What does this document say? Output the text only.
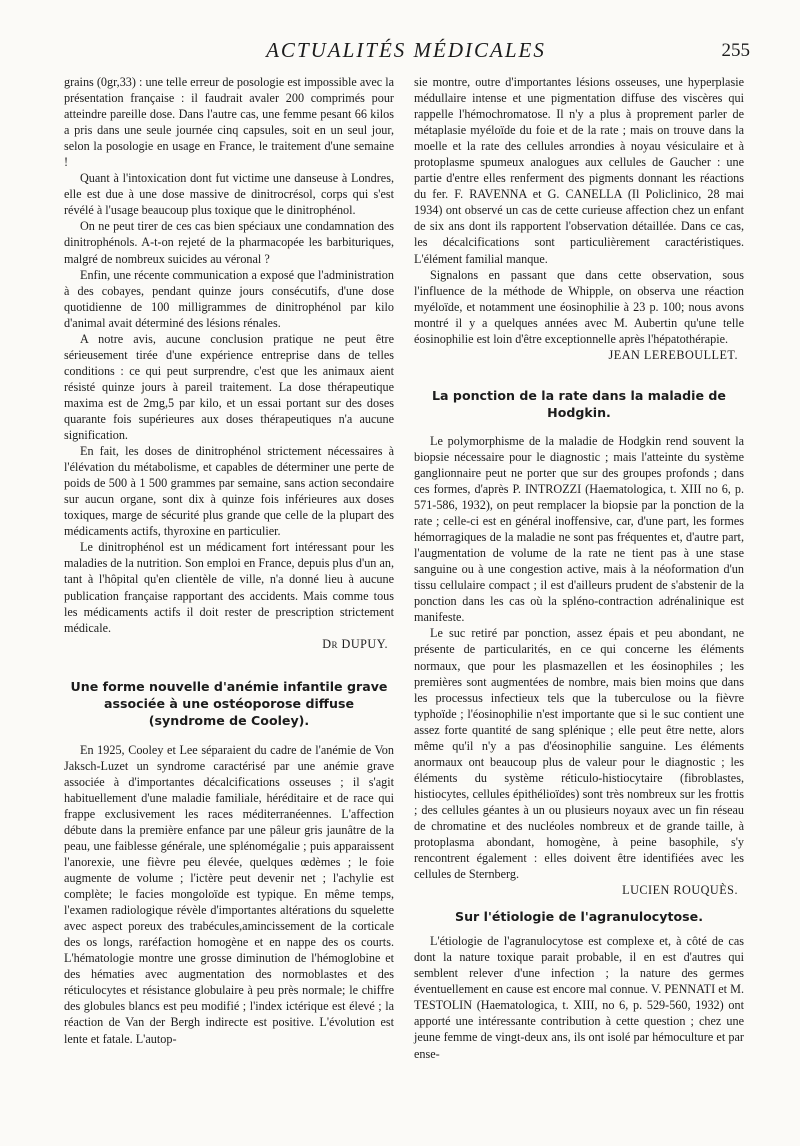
ACTUALITÉS MÉDICALES	255

grains (0gr,33) : une telle erreur de posologie est impossible avec la présentation française : il faudrait avaler 200 comprimés pour atteindre pareille dose. Dans l'autre cas, une femme pesant 66 kilos a pris dans une seule journée cinq capsules, soit en un seul jour, selon la posologie en usage en France, le traitement d'une semaine !

Quant à l'intoxication dont fut victime une danseuse à Londres, elle est due à une dose massive de dinitrocrésol, corps qui s'est révélé à l'usage beaucoup plus toxique que le dinitrophénol.

On ne peut tirer de ces cas bien spéciaux une condamnation des dinitrophénols. A-t-on rejeté de la pharmacopée les barbituriques, malgré de nombreux suicides au véronal ?

Enfin, une récente communication a exposé que l'administration à des cobayes, pendant quinze jours consécutifs, d'une dose quotidienne de 100 milligrammes de dinitrophénol par kilo d'animal avait déterminé des lésions rénales.

A notre avis, aucune conclusion pratique ne peut être sérieusement tirée d'une expérience entreprise dans de telles conditions : ce qui peut surprendre, c'est que les animaux aient résisté quinze jours à pareil traitement. La dose thérapeutique maxima est de 2mg,5 par kilo, et un essai portant sur des doses quarante fois supérieures aux doses thérapeutiques n'a aucune signification.

En fait, les doses de dinitrophénol strictement nécessaires à l'élévation du métabolisme, et capables de déterminer une perte de poids de 500 à 1 500 grammes par semaine, sans action secondaire sur aucun organe, sont dix à quinze fois inférieures aux doses toxiques, marge de sécurité plus grande que celle de la plupart des médicaments actifs, thyroxine en particulier.

Le dinitrophénol est un médicament fort intéressant pour les maladies de la nutrition. Son emploi en France, depuis plus d'un an, tant à l'hôpital qu'en clientèle de ville, n'a donné lieu à aucune publication française rapportant des accidents. Mais comme tous les médicaments actifs il doit rester de prescription strictement médicale.

Dr DUPUY.
Une forme nouvelle d'anémie infantile grave associée à une ostéoporose diffuse (syndrome de Cooley).

En 1925, Cooley et Lee séparaient du cadre de l'anémie de Von Jaksch-Luzet un syndrome caractérisé par une anémie grave associée à d'importantes décalcifications osseuses ; il s'agit habituellement d'une maladie familiale, héréditaire et de race qui frappe exclusivement les races méditerranéennes. L'affection débute dans la première enfance par une pâleur gris jaunâtre de la peau, une faiblesse générale, une splénomégalie ; puis apparaissent l'anorexie, une fièvre peu élevée, quelques œdèmes ; le foie augmente de volume ; l'ictère peut devenir net ; l'achylie est complète; le facies mongoloïde est typique. En même temps, l'examen radiologique révèle d'importantes altérations du squelette avec aspect poreux des trabécules,amincissement de la corticale des os longs, raréfaction homogène et en nappe des os courts. L'hématologie montre une grosse diminution de l'hémoglobine et des hématies avec augmentation des normoblastes et des réticulocytes et résistance globulaire à peu près normale; le chiffre des globules blancs est peu modifié ; l'index ictérique est élevé ; la réaction de Van der Bergh indirecte est positive. L'évolution est lente et fatale. L'autop-

sie montre, outre d'importantes lésions osseuses, une hyperplasie médullaire intense et une pigmentation diffuse des viscères qui rappelle l'hémochromatose. Il n'y a plus à proprement parler de métaplasie myéloïde du foie et de la rate ; mais on trouve dans la moelle et la rate des cellules arrondies à noyau vésiculaire et à protoplasme spumeux analogues aux cellules de Gaucher : une partie d'entre elles renferment des pigments donnant les réactions du fer. F. RAVENNA et G. CANELLA (Il Policlinico, 28 mai 1934) ont observé un cas de cette curieuse affection chez un enfant de six ans dont ils rapportent l'observation détaillée. Dans ce cas, les décalcifications sont particulièrement caractéristiques. L'élément familial manque.

Signalons en passant que dans cette observation, sous l'influence de la méthode de Whipple, on observa une réaction myéloïde, et notamment une éosinophilie à 23 p. 100; nous avons montré il y a quelques années avec M. Aubertin qu'une telle éosinophilie est loin d'être exceptionnelle après l'hépatothérapie.

JEAN LEREBOULLET.
La ponction de la rate dans la maladie de Hodgkin.

Le polymorphisme de la maladie de Hodgkin rend souvent la biopsie nécessaire pour le diagnostic ; mais l'atteinte du système ganglionnaire peut ne porter que sur des groupes profonds ; dans ces formes, d'après P. INTROZZI (Haematologica, t. XIII no 6, p. 571-586, 1932), on peut remplacer la biopsie par la ponction de la rate ; celle-ci est en général inoffensive, car, d'une part, les formes hémorragiques de la maladie ne sont pas fréquentes et, d'autre part, l'augmentation de volume de la rate ne tient pas à une stase sanguine ou à une congestion active, mais à la néoformation d'un tissu cellulaire compact ; il est d'ailleurs prudent de s'abstenir de la ponction dans les cas où la spléno-contraction adrénalinique est manifeste.

Le suc retiré par ponction, assez épais et peu abondant, ne présente de particularités, en ce qui concerne les éléments normaux, que pour les plasmazellen et les éosinophiles ; les premières sont augmentées de nombre, mais bien moins que dans les processus infectieux tels que la tuberculose ou la fièvre typhoïde ; l'éosinophilie n'est importante que si le suc contient une assez forte quantité de sang splénique ; elle peut être nette, alors même qu'il n'y a pas d'éosinophilie sanguine. Les éléments anormaux ont beaucoup plus de valeur pour le diagnostic ; les éléments du système réticulo-histiocytaire (fibroblastes, histiocytes, cellules épithélioïdes) sont très nombreux sur les frottis ; des cellules géantes à un ou plusieurs noyaux avec un fin réseau de chromatine et des nucléoles nombreux et de grande taille, à protoplasma abondant, homogène, à peine basophile, s'y rencontrent également : elles doivent être identifiées avec les cellules de Sternberg.

LUCIEN ROUQUÈS.
Sur l'étiologie de l'agranulocytose.

L'étiologie de l'agranulocytose est complexe et, à côté de cas dont la nature toxique parait probable, il en est d'autres qui semblent relever d'une infection ; la nature des germes éventuellement en cause est encore mal connue. V. PENNATI et M. TESTOLIN (Haematologica, t. XIII, no 6, p. 529-560, 1932) ont apporté une intéressante contribution à cette question ; chez une jeune femme de vingt-deux ans, ils ont isolé par hémoculture et par ense-
